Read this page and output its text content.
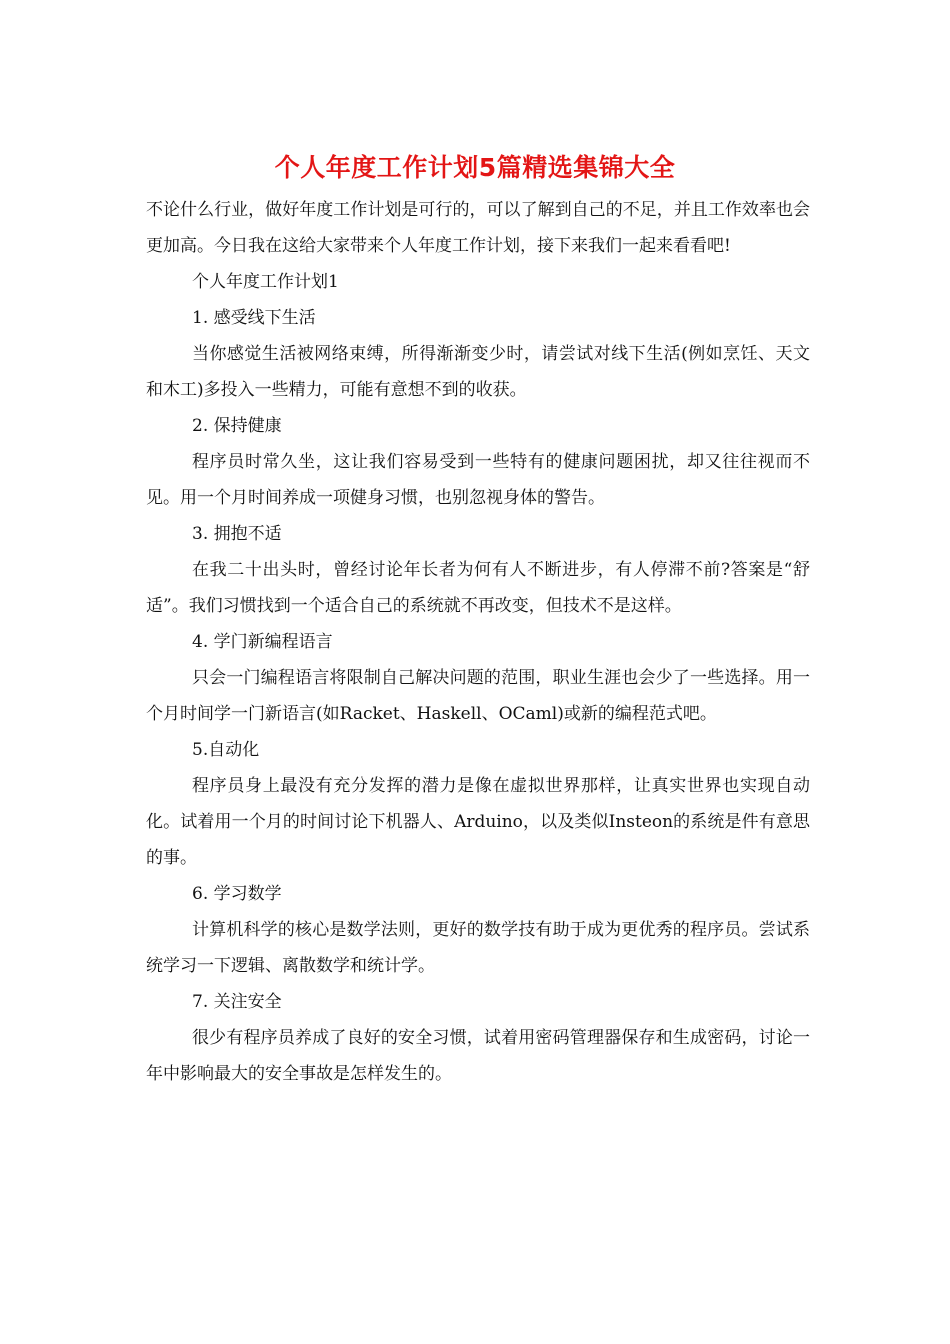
个人年度工作计划5篇精选集锦大全

不论什么行业，做好年度工作计划是可行的，可以了解到自己的不足，并且工作效率也会更加高。今日我在这给大家带来个人年度工作计划，接下来我们一起来看看吧!

个人年度工作计划1

1. 感受线下生活

当你感觉生活被网络束缚，所得渐渐变少时，请尝试对线下生活(例如烹饪、天文和木工)多投入一些精力，可能有意想不到的收获。

2. 保持健康

程序员时常久坐，这让我们容易受到一些特有的健康问题困扰，却又往往视而不见。用一个月时间养成一项健身习惯，也别忽视身体的警告。

3. 拥抱不适

在我二十出头时，曾经讨论年长者为何有人不断进步，有人停滞不前?答案是“舒适”。我们习惯找到一个适合自己的系统就不再改变，但技术不是这样。

4. 学门新编程语言

只会一门编程语言将限制自己解决问题的范围，职业生涯也会少了一些选择。用一个月时间学一门新语言(如Racket、Haskell、OCaml)或新的编程范式吧。

5.自动化

程序员身上最没有充分发挥的潜力是像在虚拟世界那样，让真实世界也实现自动化。试着用一个月的时间讨论下机器人、Arduino，以及类似Insteon的系统是件有意思的事。

6. 学习数学

计算机科学的核心是数学法则，更好的数学技有助于成为更优秀的程序员。尝试系统学习一下逻辑、离散数学和统计学。

7. 关注安全

很少有程序员养成了良好的安全习惯，试着用密码管理器保存和生成密码，讨论一年中影响最大的安全事故是怎样发生的。
